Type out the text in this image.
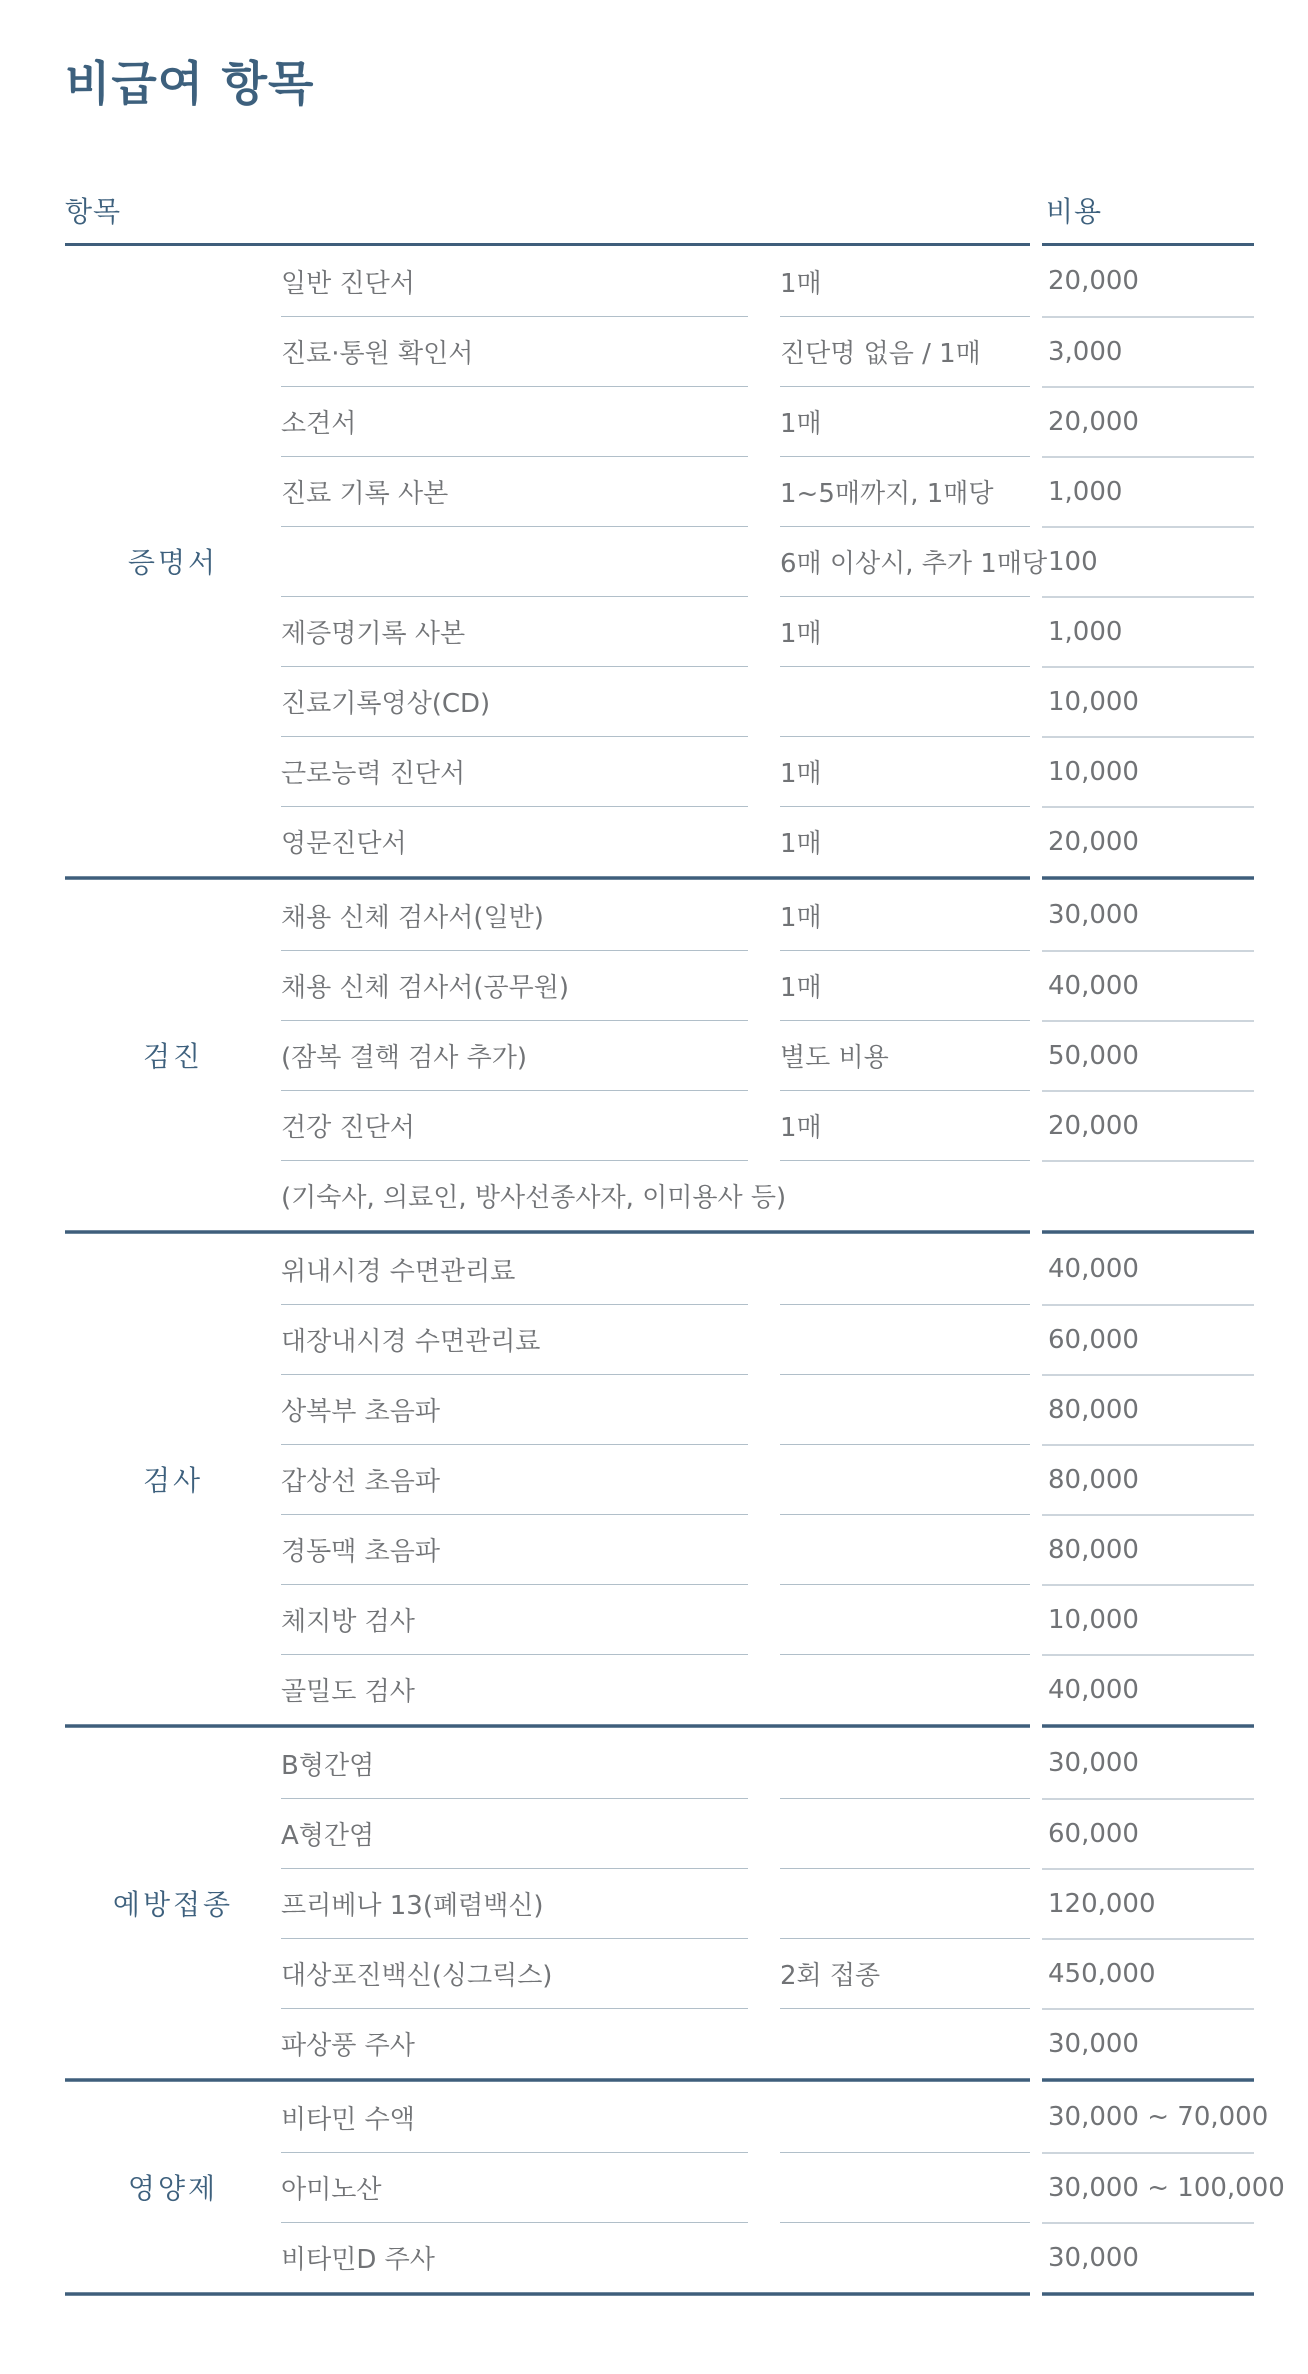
비급여 항목
항목	비용
증명서
일반 진단서	1매	20,000
진료·통원 확인서	진단명 없음 / 1매	3,000
소견서	1매	20,000
진료 기록 사본	1~5매까지, 1매당	1,000
6매 이상시, 추가 1매당 100
제증명기록 사본	1매	1,000
진료기록영상(CD)	10,000
근로능력 진단서	1매	10,000
영문진단서	1매	20,000
검진
채용 신체 검사서(일반)	1매	30,000
채용 신체 검사서(공무원)	1매	40,000
(잠복 결핵 검사 추가)	별도 비용	50,000
건강 진단서	1매	20,000
(기숙사, 의료인, 방사선종사자, 이미용사 등)
검사
위내시경 수면관리료	40,000
대장내시경 수면관리료	60,000
상복부 초음파	80,000
갑상선 초음파	80,000
경동맥 초음파	80,000
체지방 검사	10,000
골밀도 검사	40,000
예방접종
B형간염	30,000
A형간염	60,000
프리베나 13(폐렴백신)	120,000
대상포진백신(싱그릭스)	2회 접종	450,000
파상풍 주사	30,000
영양제
비타민 수액	30,000 ~ 70,000
아미노산	30,000 ~ 100,000
비타민D 주사	30,000
